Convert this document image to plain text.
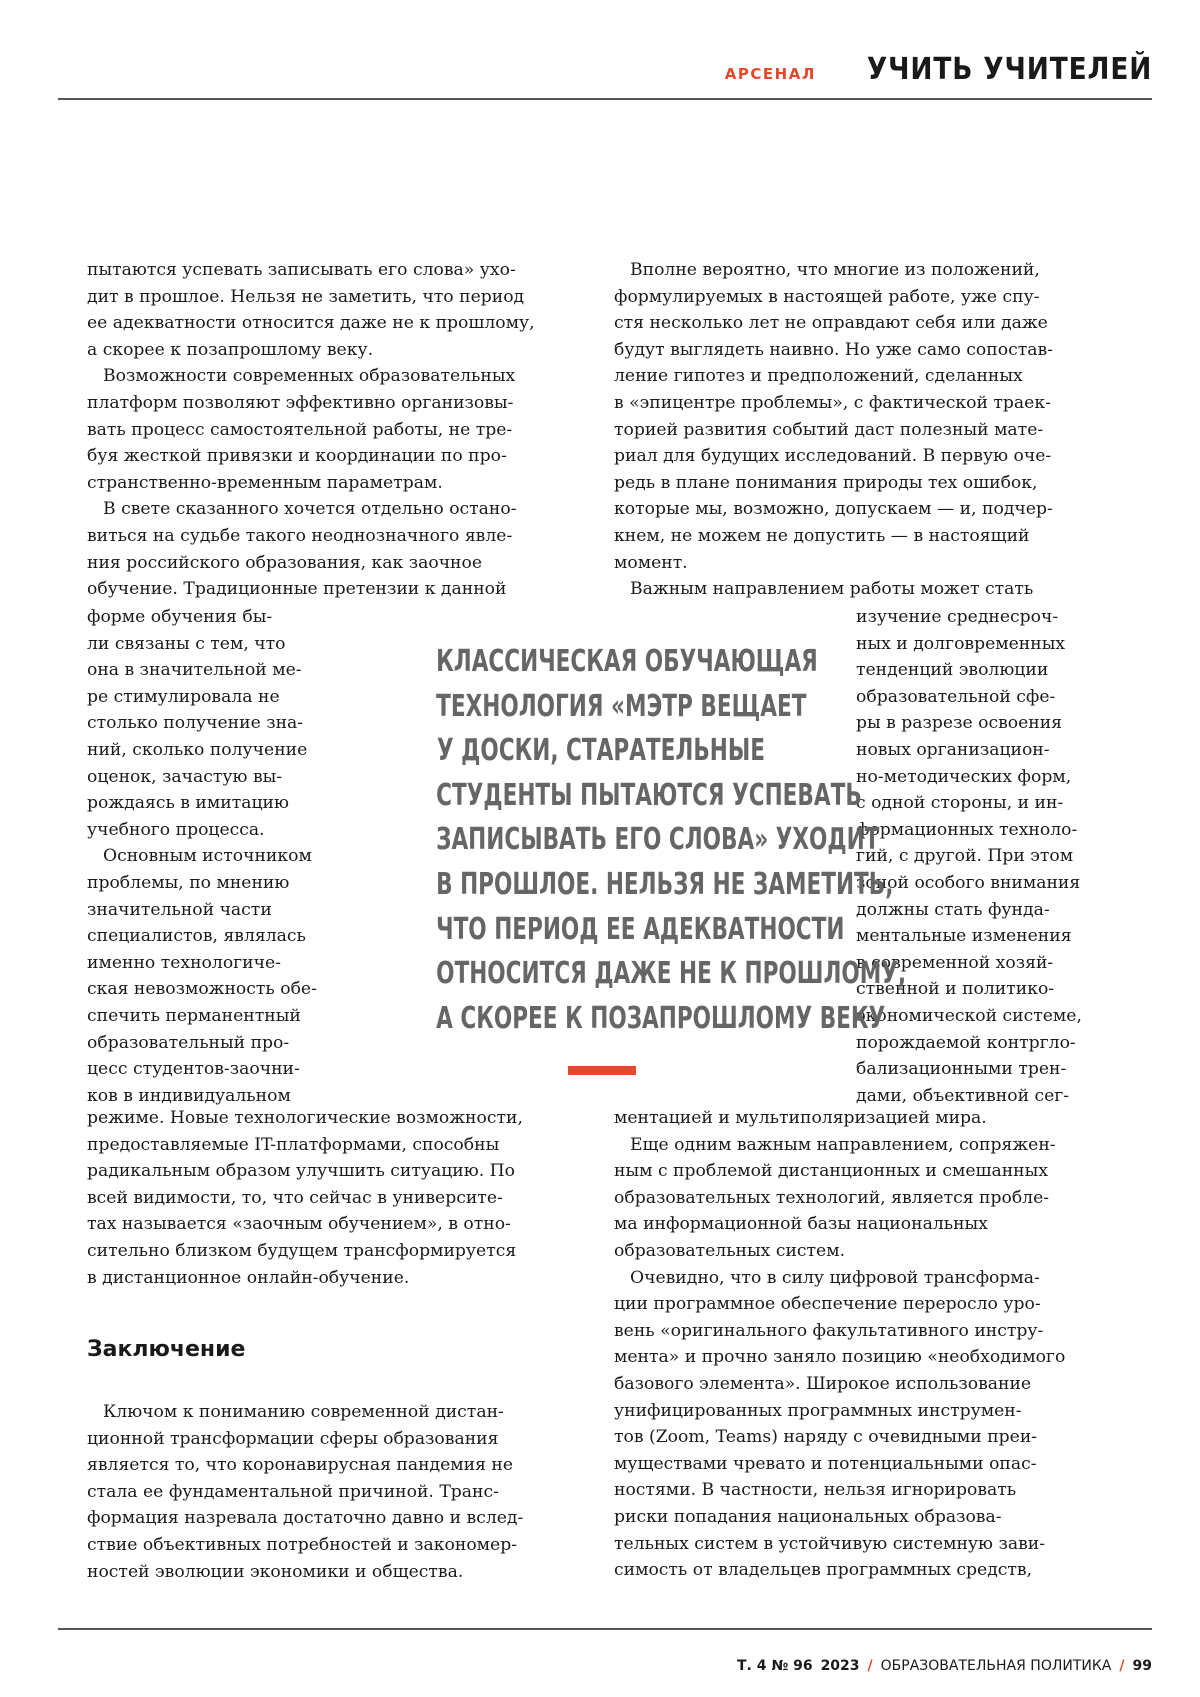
АРСЕНАЛ УЧИТЬ УЧИТЕЛЕЙ

пытаются успевать записывать его слова» ухо-

дит в прошлое. Нельзя не заметить, что период

ее адекватности относится даже не к прошлому,

а скорее к позапрошлому веку.

Возможности современных образовательных

платформ позволяют эффективно организовы-

вать процесс самостоятельной работы, не тре-

буя жесткой привязки и координации по про-

странственно-временным параметрам.

В свете сказанного хочется отдельно остано-

виться на судьбе такого неоднозначного явле-

ния российского образования, как заочное

обучение. Традиционные претензии к данной

форме обучения бы-

ли связаны с тем, что

она в значительной ме-

ре стимулировала не

столько получение зна-

ний, сколько получение

оценок, зачастую вы-

рождаясь в имитацию

учебного процесса.

Основным источником

проблемы, по мнению

значительной части

специалистов, являлась

именно технологиче-

ская невозможность обе-

спечить перманентный

образовательный про-

цесс студентов-заочни-

ков в индивидуальном

режиме. Новые технологические возможности,

предоставляемые IT-платформами, способны

радикальным образом улучшить ситуацию. По

всей видимости, то, что сейчас в университе-

тах называется «заочным обучением», в отно-

сительно близком будущем трансформируется

в дистанционное онлайн-обучение.

Заключение

Ключом к пониманию современной дистан-

ционной трансформации сферы образования

является то, что коронавирусная пандемия не

стала ее фундаментальной причиной. Транс-

формация назревала достаточно давно и вслед-

ствие объективных потребностей и закономер-

ностей эволюции экономики и общества.

Вполне вероятно, что многие из положений,

формулируемых в настоящей работе, уже спу-

стя несколько лет не оправдают себя или даже

будут выглядеть наивно. Но уже само сопостав-

ление гипотез и предположений, сделанных

в «эпицентре проблемы», с фактической траек-

торией развития событий даст полезный мате-

риал для будущих исследований. В первую оче-

редь в плане понимания природы тех ошибок,

которые мы, возможно, допускаем — и, подчер-

кнем, не можем не допустить — в настоящий

момент.

Важным направлением работы может стать

изучение среднесроч-

ных и долговременных

тенденций эволюции

образовательной сфе-

ры в разрезе освоения

новых организацион-

но-методических форм,

с одной стороны, и ин-

формационных техноло-

гий, с другой. При этом

зоной особого внимания

должны стать фунда-

ментальные изменения

в современной хозяй-

ственной и политико-

экономической системе,

порождаемой контргло-

бализационными трен-

дами, объективной сег-

ментацией и мультиполяризацией мира.

Еще одним важным направлением, сопряжен-

ным с проблемой дистанционных и смешанных

образовательных технологий, является пробле-

ма информационной базы национальных

образовательных систем.

Очевидно, что в силу цифровой трансформа-

ции программное обеспечение переросло уро-

вень «оригинального факультативного инстру-

мента» и прочно заняло позицию «необходимого

базового элемента». Широкое использование

унифицированных программных инструмен-

тов (Zoom, Teams) наряду с очевидными преи-

муществами чревато и потенциальными опас-

ностями. В частности, нельзя игнорировать

риски попадания национальных образова-

тельных систем в устойчивую системную зави-

симость от владельцев программных средств,

КЛАССИЧЕСКАЯ ОБУЧАЮЩАЯ

ТЕХНОЛОГИЯ «МЭТР ВЕЩАЕТ

У ДОСКИ, СТАРАТЕЛЬНЫЕ

СТУДЕНТЫ ПЫТАЮТСЯ УСПЕВАТЬ

ЗАПИСЫВАТЬ ЕГО СЛОВА» УХОДИТ

В ПРОШЛОЕ. НЕЛЬЗЯ НЕ ЗАМЕТИТЬ,

ЧТО ПЕРИОД ЕЕ АДЕКВАТНОСТИ

ОТНОСИТСЯ ДАЖЕ НЕ К ПРОШЛОМУ,

А СКОРЕЕ К ПОЗАПРОШЛОМУ ВЕКУ

Т. 4 № 96 2023 / ОБРАЗОВАТЕЛЬНАЯ ПОЛИТИКА / 99
